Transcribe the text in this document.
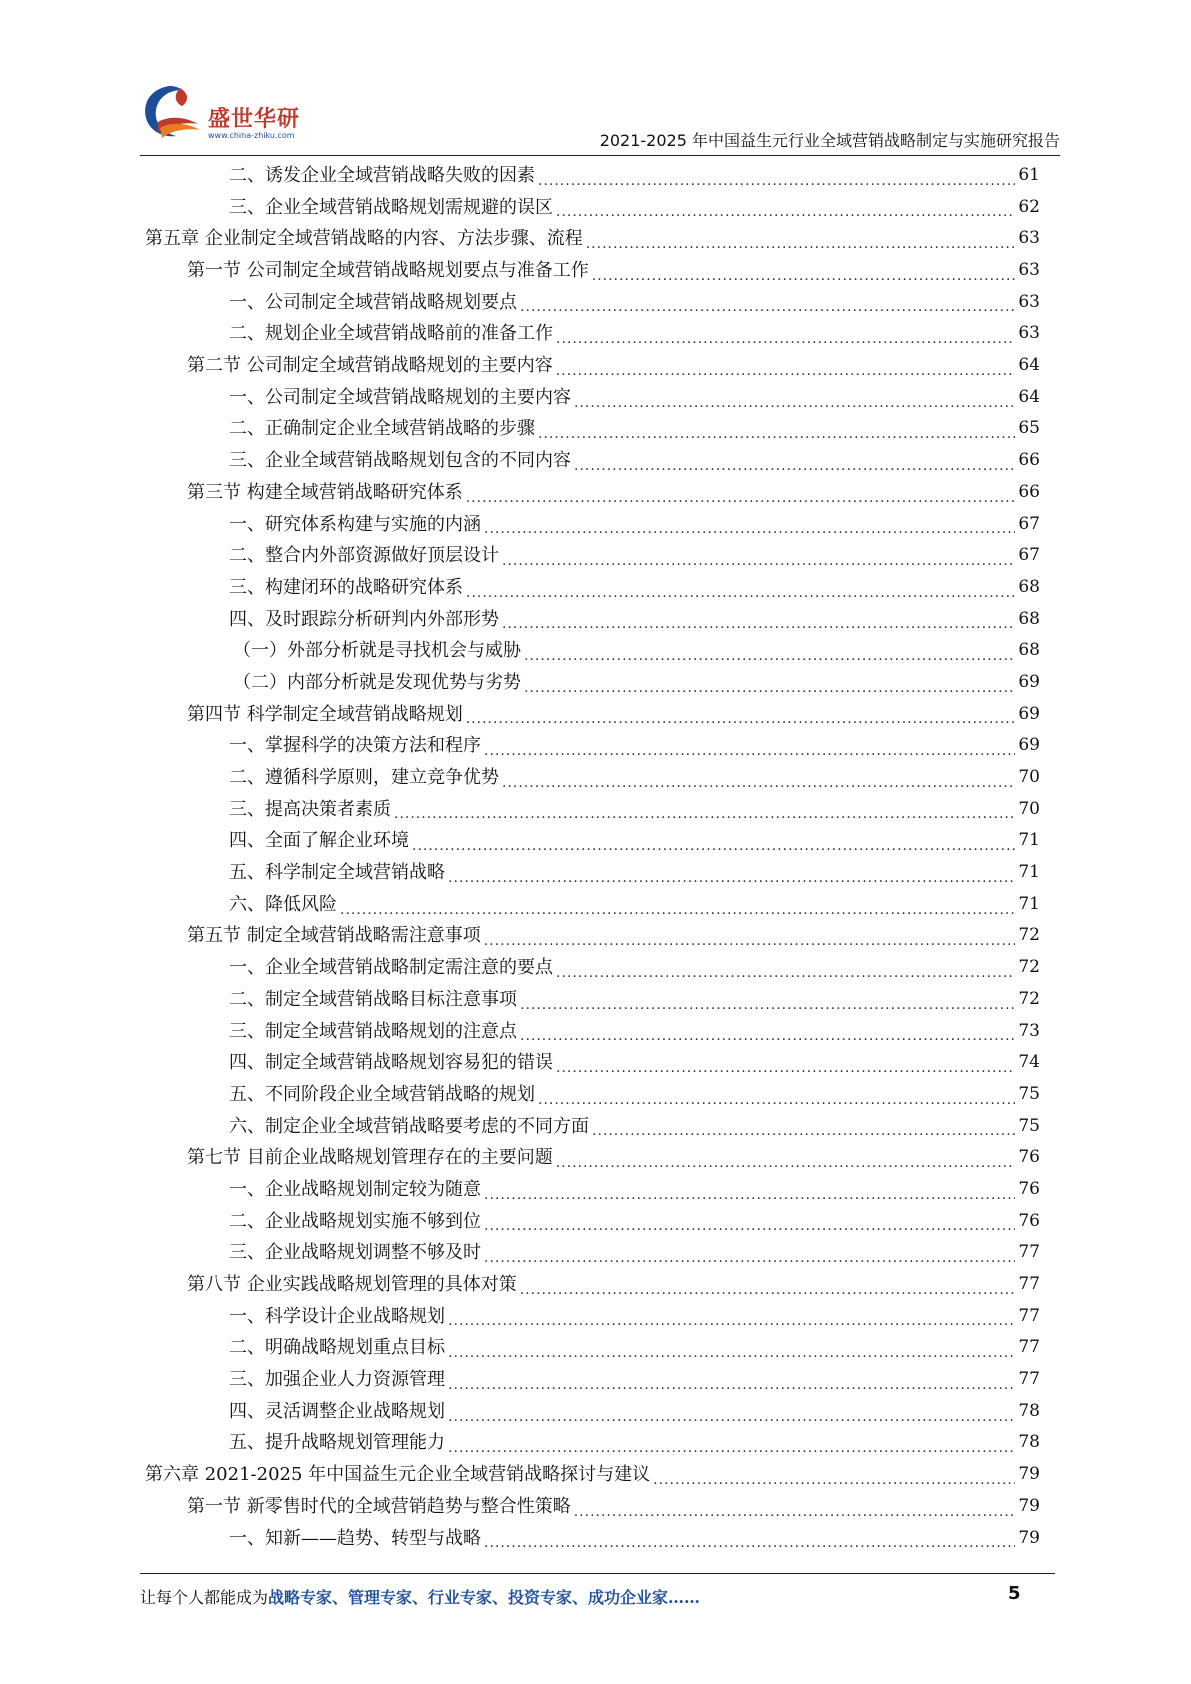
盛世华研
www.china-zhiku.com	2021-2025 年中国益生元行业全域营销战略制定与实施研究报告
二、诱发企业全域营销战略失败的因素 .....	61
三、企业全域营销战略规划需规避的误区 .....	62
第五章 企业制定全域营销战略的内容、方法步骤、流程 .....	63
第一节 公司制定全域营销战略规划要点与准备工作 .....	63
一、公司制定全域营销战略规划要点 .....	63
二、规划企业全域营销战略前的准备工作 .....	63
第二节 公司制定全域营销战略规划的主要内容 .....	64
一、公司制定全域营销战略规划的主要内容 .....	64
二、正确制定企业全域营销战略的步骤 .....	65
三、企业全域营销战略规划包含的不同内容 .....	66
第三节 构建全域营销战略研究体系 .....	66
一、研究体系构建与实施的内涵 .....	67
二、整合内外部资源做好顶层设计 .....	67
三、构建闭环的战略研究体系 .....	68
四、及时跟踪分析研判内外部形势 .....	68
（一）外部分析就是寻找机会与威胁 .....	68
（二）内部分析就是发现优势与劣势 .....	69
第四节 科学制定全域营销战略规划 .....	69
一、掌握科学的决策方法和程序 .....	69
二、遵循科学原则，建立竞争优势 .....	70
三、提高决策者素质 .....	70
四、全面了解企业环境 .....	71
五、科学制定全域营销战略 .....	71
六、降低风险 .....	71
第五节 制定全域营销战略需注意事项 .....	72
一、企业全域营销战略制定需注意的要点 .....	72
二、制定全域营销战略目标注意事项 .....	72
三、制定全域营销战略规划的注意点 .....	73
四、制定全域营销战略规划容易犯的错误 .....	74
五、不同阶段企业全域营销战略的规划 .....	75
六、制定企业全域营销战略要考虑的不同方面 .....	75
第七节 目前企业战略规划管理存在的主要问题 .....	76
一、企业战略规划制定较为随意 .....	76
二、企业战略规划实施不够到位 .....	76
三、企业战略规划调整不够及时 .....	77
第八节 企业实践战略规划管理的具体对策 .....	77
一、科学设计企业战略规划 .....	77
二、明确战略规划重点目标 .....	77
三、加强企业人力资源管理 .....	77
四、灵活调整企业战略规划 .....	78
五、提升战略规划管理能力 .....	78
第六章 2021-2025 年中国益生元企业全域营销战略探讨与建议 .....	79
第一节 新零售时代的全域营销趋势与整合性策略 .....	79
一、知新——趋势、转型与战略 .....	79
让每个人都能成为战略专家、管理专家、行业专家、投资专家、成功企业家……	5
